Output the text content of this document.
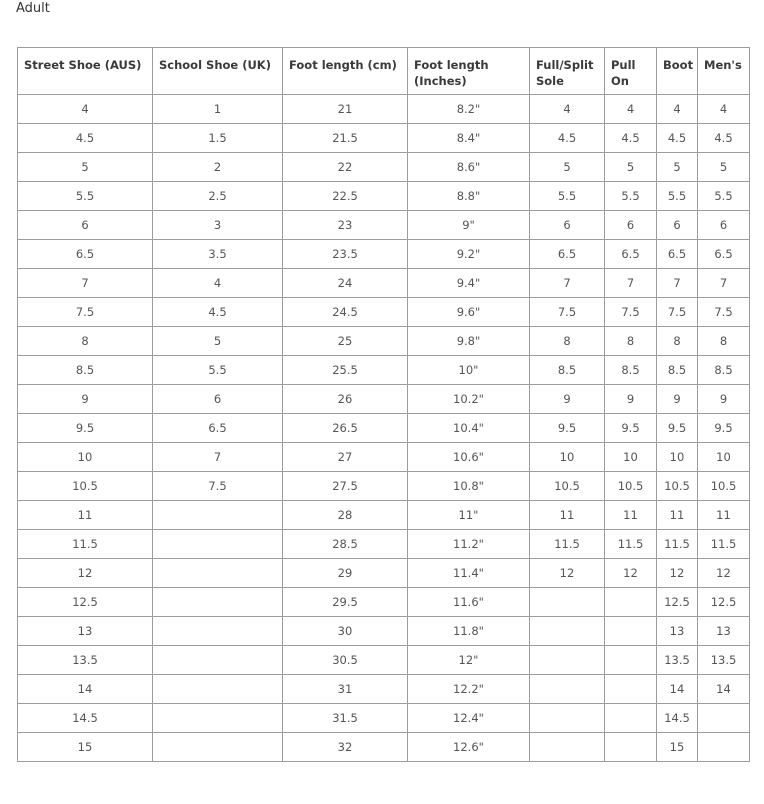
Adult
Street Shoe (AUS)	School Shoe (UK)	Foot length (cm)	Foot length (Inches)	Full/Split Sole	Pull On	Boot	Men's
4	1	21	8.2"	4	4	4	4
4.5	1.5	21.5	8.4"	4.5	4.5	4.5	4.5
5	2	22	8.6"	5	5	5	5
5.5	2.5	22.5	8.8"	5.5	5.5	5.5	5.5
6	3	23	9"	6	6	6	6
6.5	3.5	23.5	9.2"	6.5	6.5	6.5	6.5
7	4	24	9.4"	7	7	7	7
7.5	4.5	24.5	9.6"	7.5	7.5	7.5	7.5
8	5	25	9.8"	8	8	8	8
8.5	5.5	25.5	10"	8.5	8.5	8.5	8.5
9	6	26	10.2"	9	9	9	9
9.5	6.5	26.5	10.4"	9.5	9.5	9.5	9.5
10	7	27	10.6"	10	10	10	10
10.5	7.5	27.5	10.8"	10.5	10.5	10.5	10.5
11		28	11"	11	11	11	11
11.5		28.5	11.2"	11.5	11.5	11.5	11.5
12		29	11.4"	12	12	12	12
12.5		29.5	11.6"			12.5	12.5
13		30	11.8"			13	13
13.5		30.5	12"			13.5	13.5
14		31	12.2"			14	14
14.5		31.5	12.4"			14.5	
15		32	12.6"			15	
